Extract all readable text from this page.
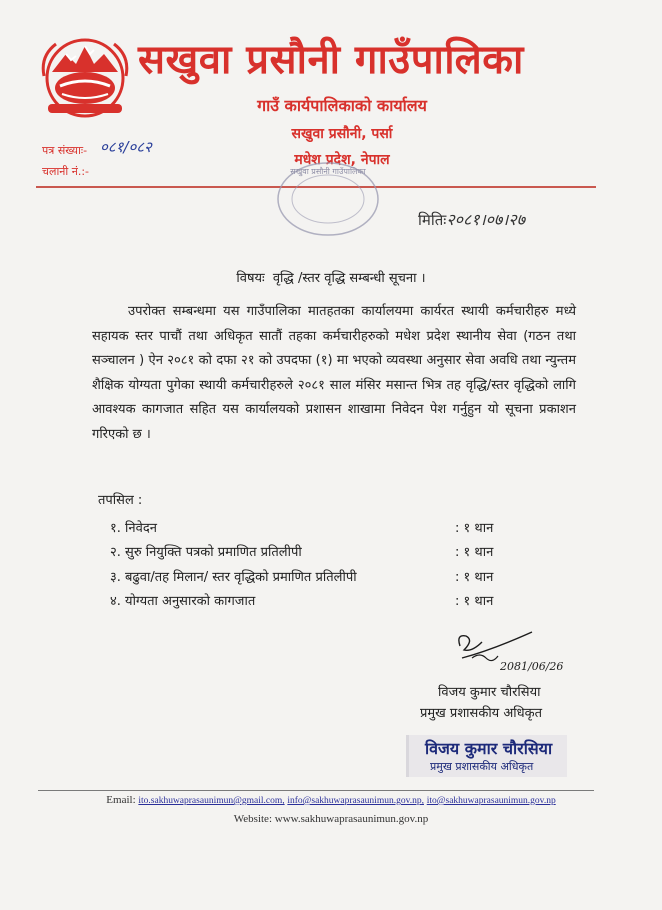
सखुवा प्रसौनी गाउँपालिका
गाउँ कार्यपालिकाको कार्यालय
सखुवा प्रसौनी, पर्सा
मधेश प्रदेश, नेपाल
पत्र संख्याः- ०८१/०८२
चलानी नं.:-	सखुवा प्रसौनी गाउँपालिका
मितिः२०८१।०७।२७
विषयः वृद्धि /स्तर वृद्धि सम्बन्धी सूचना ।
उपरोक्त सम्बन्धमा यस गाउँपालिका मातहतका कार्यालयमा कार्यरत स्थायी कर्मचारीहरु मध्ये सहायक स्तर पाचौं तथा अधिकृत सातौं तहका कर्मचारीहरुको मधेश प्रदेश स्थानीय सेवा (गठन तथा सञ्चालन ) ऐन २०८१ को दफा २१ को उपदफा (१) मा भएको व्यवस्था अनुसार सेवा अवधि तथा न्युन्तम शैक्षिक योग्यता पुगेका स्थायी कर्मचारीहरुले २०८१ साल मंसिर मसान्त भित्र तह वृद्धि/स्तर वृद्धिको लागि आवश्यक कागजात सहित यस कार्यालयको प्रशासन शाखामा निवेदन पेश गर्नुहुन यो सूचना प्रकाशन गरिएको छ ।
तपसिल :
१. निवेदन	: १ थान
२. सुरु नियुक्ति पत्रको प्रमाणित प्रतिलीपी	: १ थान
३. बढुवा/तह मिलान/ स्तर वृद्धिको प्रमाणित प्रतिलीपी	: १ थान
४. योग्यता अनुसारको कागजात	: १ थान
2081/06/26
विजय कुमार चौरसिया
प्रमुख प्रशासकीय अधिकृत
विजय कुमार चौरसिया
प्रमुख प्रशासकीय अधिकृत
Email: ito.sakhuwaprasaunimun@gmail.com, info@sakhuwaprasaunimun.gov.np, ito@sakhuwaprasaunimun.gov.np
Website: www.sakhuwaprasaunimun.gov.np
